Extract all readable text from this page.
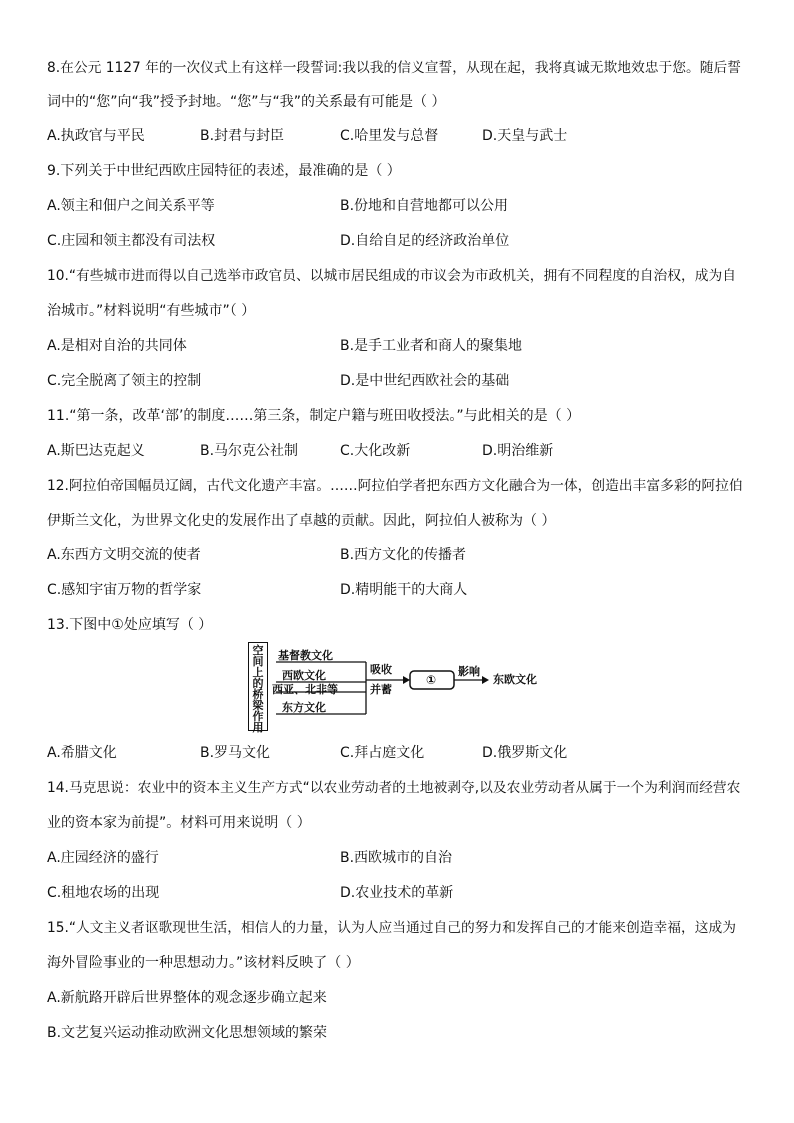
8.在公元 1127 年的一次仪式上有这样一段誓词:我以我的信义宣誓，从现在起，我将真诚无欺地效忠于您。随后誓
词中的“您”向“我”授予封地。“您”与“我”的关系最有可能是（ ）
A.执政官与平民	B.封君与封臣	C.哈里发与总督	D.天皇与武士
9.下列关于中世纪西欧庄园特征的表述，最准确的是（ ）
A.领主和佃户之间关系平等	B.份地和自营地都可以公用
C.庄园和领主都没有司法权	D.自给自足的经济政治单位
10.“有些城市进而得以自己选举市政官员、以城市居民组成的市议会为市政机关，拥有不同程度的自治权，成为自
治城市。”材料说明“有些城市”（ ）
A.是相对自治的共同体	B.是手工业者和商人的聚集地
C.完全脱离了领主的控制	D.是中世纪西欧社会的基础
11.“第一条，改革‘部’的制度……第三条，制定户籍与班田收授法。”与此相关的是（ ）
A.斯巴达克起义	B.马尔克公社制	C.大化改新	D.明治维新
12.阿拉伯帝国幅员辽阔，古代文化遗产丰富。……阿拉伯学者把东西方文化融合为一体，创造出丰富多彩的阿拉伯
伊斯兰文化，为世界文化史的发展作出了卓越的贡献。因此，阿拉伯人被称为（ ）
A.东西方文明交流的使者	B.西方文化的传播者
C.感知宇宙万物的哲学家	D.精明能干的大商人
13.下图中①处应填写（ ）
空
间
上
的
桥
梁
作
用
基督教文化
西欧文化
西亚、北非等
东方文化
吸收
并蓄
①
影响
东欧文化
A.希腊文化	B.罗马文化	C.拜占庭文化	D.俄罗斯文化
14.马克思说：农业中的资本主义生产方式“以农业劳动者的土地被剥夺,以及农业劳动者从属于一个为利润而经营农
业的资本家为前提”。材料可用来说明（ ）
A.庄园经济的盛行	B.西欧城市的自治
C.租地农场的出现	D.农业技术的革新
15.“人文主义者讴歌现世生活，相信人的力量，认为人应当通过自己的努力和发挥自己的才能来创造幸福，这成为
海外冒险事业的一种思想动力。”该材料反映了（ ）
A.新航路开辟后世界整体的观念逐步确立起来
B.文艺复兴运动推动欧洲文化思想领域的繁荣
